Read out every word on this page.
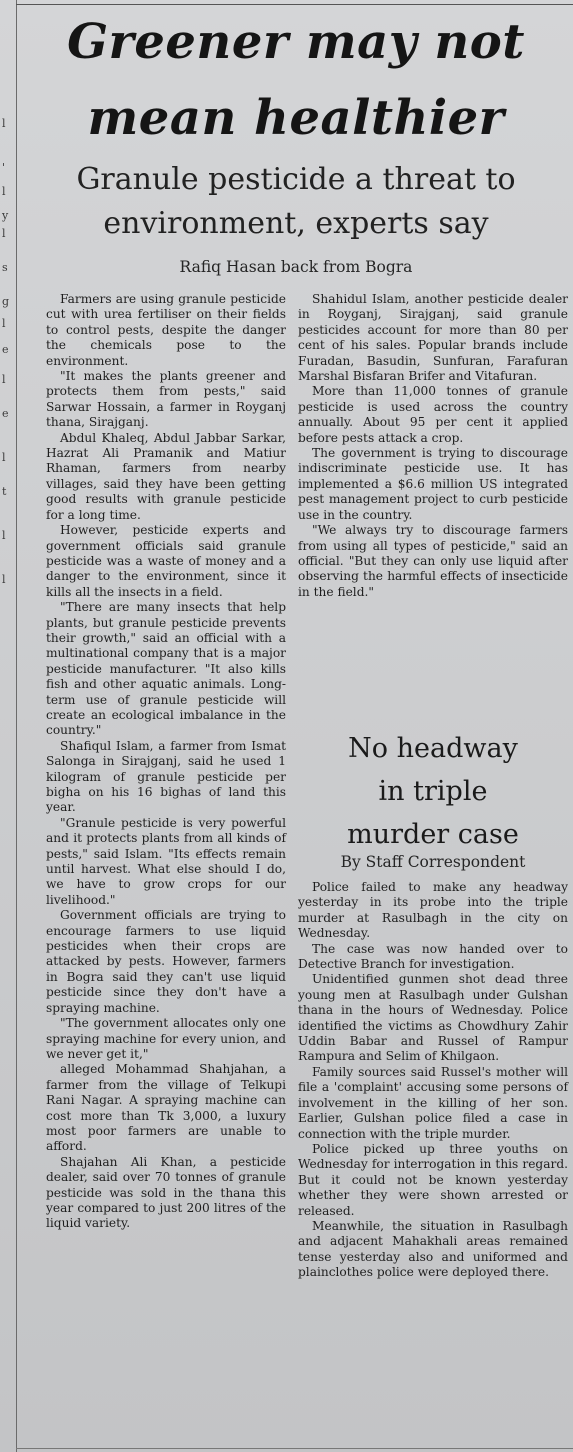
l
'
l
y
l
s
g
l
e
l
e
l
t
l
l
Greener may not
mean healthier
Granule pesticide a threat to
environment, experts say
Rafiq Hasan back from Bogra

Farmers are using granule pesticide cut with urea fertiliser on their fields to control pests, despite the danger the chemicals pose to the environment.

"It makes the plants greener and protects them from pests," said Sarwar Hossain, a farmer in Royganj thana, Sirajganj.

Abdul Khaleq, Abdul Jabbar Sarkar, Hazrat Ali Pramanik and Matiur Rhaman, farmers from nearby villages, said they have been getting good results with granule pesticide for a long time.

However, pesticide experts and government officials said granule pesticide was a waste of money and a danger to the environment, since it kills all the insects in a field.

"There are many insects that help plants, but granule pesticide prevents their growth," said an official with a multinational company that is a major pesticide manufacturer. "It also kills fish and other aquatic animals. Long-term use of granule pesticide will create an ecological imbalance in the country."

Shafiqul Islam, a farmer from Ismat Salonga in Sirajganj, said he used 1 kilogram of granule pesticide per bigha on his 16 bighas of land this year.

"Granule pesticide is very powerful and it protects plants from all kinds of pests," said Islam. "Its effects remain until harvest. What else should I do, we have to grow crops for our livelihood."

Government officials are trying to encourage farmers to use liquid pesticides when their crops are attacked by pests. However, farmers in Bogra said they can't use liquid pesticide since they don't have a spraying machine.

"The government allocates only one spraying machine for every union, and we never get it,"

alleged Mohammad Shahjahan, a farmer from the village of Telkupi Rani Nagar. A spraying machine can cost more than Tk 3,000, a luxury most poor farmers are unable to afford.

Shajahan Ali Khan, a pesticide dealer, said over 70 tonnes of granule pesticide was sold in the thana this year compared to just 200 litres of the liquid variety.

Shahidul Islam, another pesticide dealer in Royganj, Sirajganj, said granule pesticides account for more than 80 per cent of his sales. Popular brands include Furadan, Basudin, Sunfuran, Farafuran Marshal Bisfaran Brifer and Vitafuran.

More than 11,000 tonnes of granule pesticide is used across the country annually. About 95 per cent it applied before pests attack a crop.

The government is trying to discourage indiscriminate pesticide use. It has implemented a $6.6 million US integrated pest management project to curb pesticide use in the country.

"We always try to discourage farmers from using all types of pesticide," said an official. "But they can only use liquid after observing the harmful effects of insecticide in the field."

No headway

in triple

murder case

By Staff Correspondent

Police failed to make any headway yesterday in its probe into the triple murder at Rasulbagh in the city on Wednesday.

The case was now handed over to Detective Branch for investigation.

Unidentified gunmen shot dead three young men at Rasulbagh under Gulshan thana in the hours of Wednesday. Police identified the victims as Chowdhury Zahir Uddin Babar and Russel of Rampur Rampura and Selim of Khilgaon.

Family sources said Russel's mother will file a 'complaint' accusing some persons of involvement in the killing of her son. Earlier, Gulshan police filed a case in connection with the triple murder.

Police picked up three youths on Wednesday for interrogation in this regard. But it could not be known yesterday whether they were shown arrested or released.

Meanwhile, the situation in Rasulbagh and adjacent Mahakhali areas remained tense yesterday also and uniformed and plainclothes police were deployed there.
